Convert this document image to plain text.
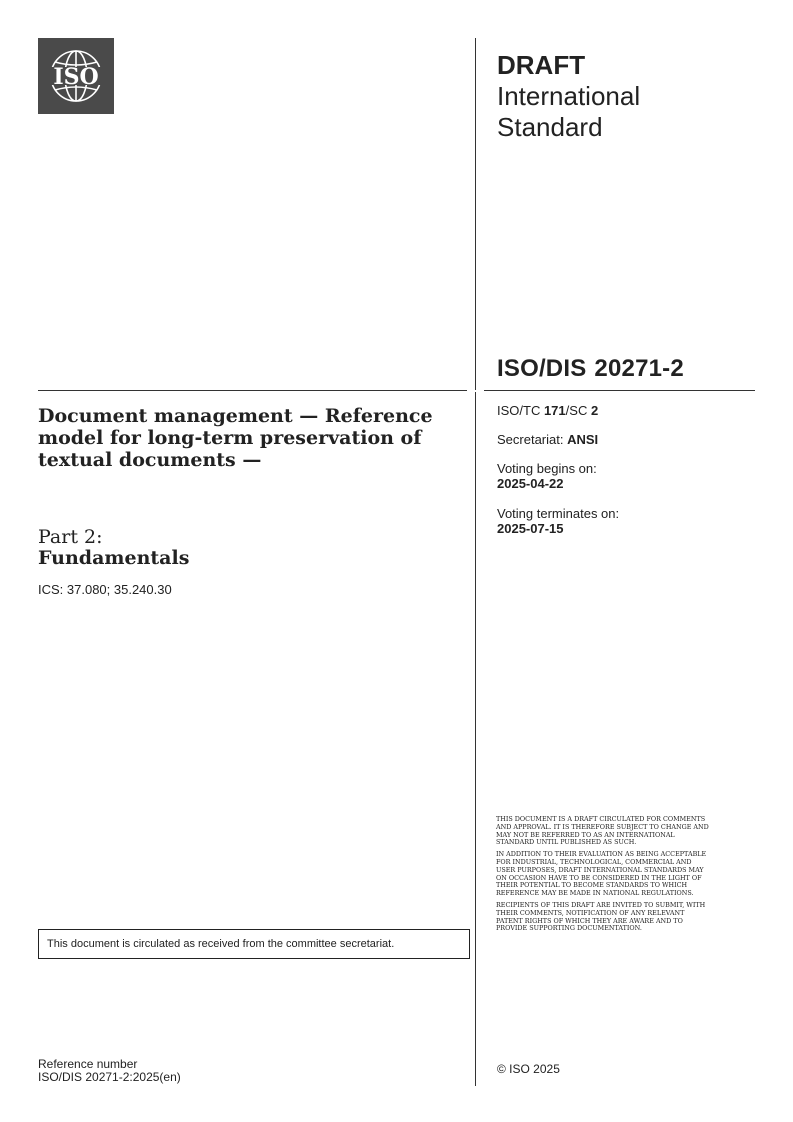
ISO	DRAFT
International
Standard
ISO/DIS 20271-2
ISO/TC 171/SC 2
Secretariat: ANSI
Voting begins on:
2025-04-22
Voting terminates on:
2025-07-15
Document management — Reference model for long-term preservation of textual documents —
Part 2:
Fundamentals
ICS: 37.080; 35.240.30
This document is circulated as received from the committee secretariat.

THIS DOCUMENT IS A DRAFT CIRCULATED FOR COMMENTS AND APPROVAL. IT IS THEREFORE SUBJECT TO CHANGE AND MAY NOT BE REFERRED TO AS AN INTERNATIONAL STANDARD UNTIL PUBLISHED AS SUCH.

IN ADDITION TO THEIR EVALUATION AS BEING ACCEPTABLE FOR INDUSTRIAL, TECHNOLOGICAL, COMMERCIAL AND USER PURPOSES, DRAFT INTERNATIONAL STANDARDS MAY ON OCCASION HAVE TO BE CONSIDERED IN THE LIGHT OF THEIR POTENTIAL TO BECOME STANDARDS TO WHICH REFERENCE MAY BE MADE IN NATIONAL REGULATIONS.

RECIPIENTS OF THIS DRAFT ARE INVITED TO SUBMIT, WITH THEIR COMMENTS, NOTIFICATION OF ANY RELEVANT PATENT RIGHTS OF WHICH THEY ARE AWARE AND TO PROVIDE SUPPORTING DOCUMENTATION.

© ISO 2025
Reference number
ISO/DIS 20271-2:2025(en)
